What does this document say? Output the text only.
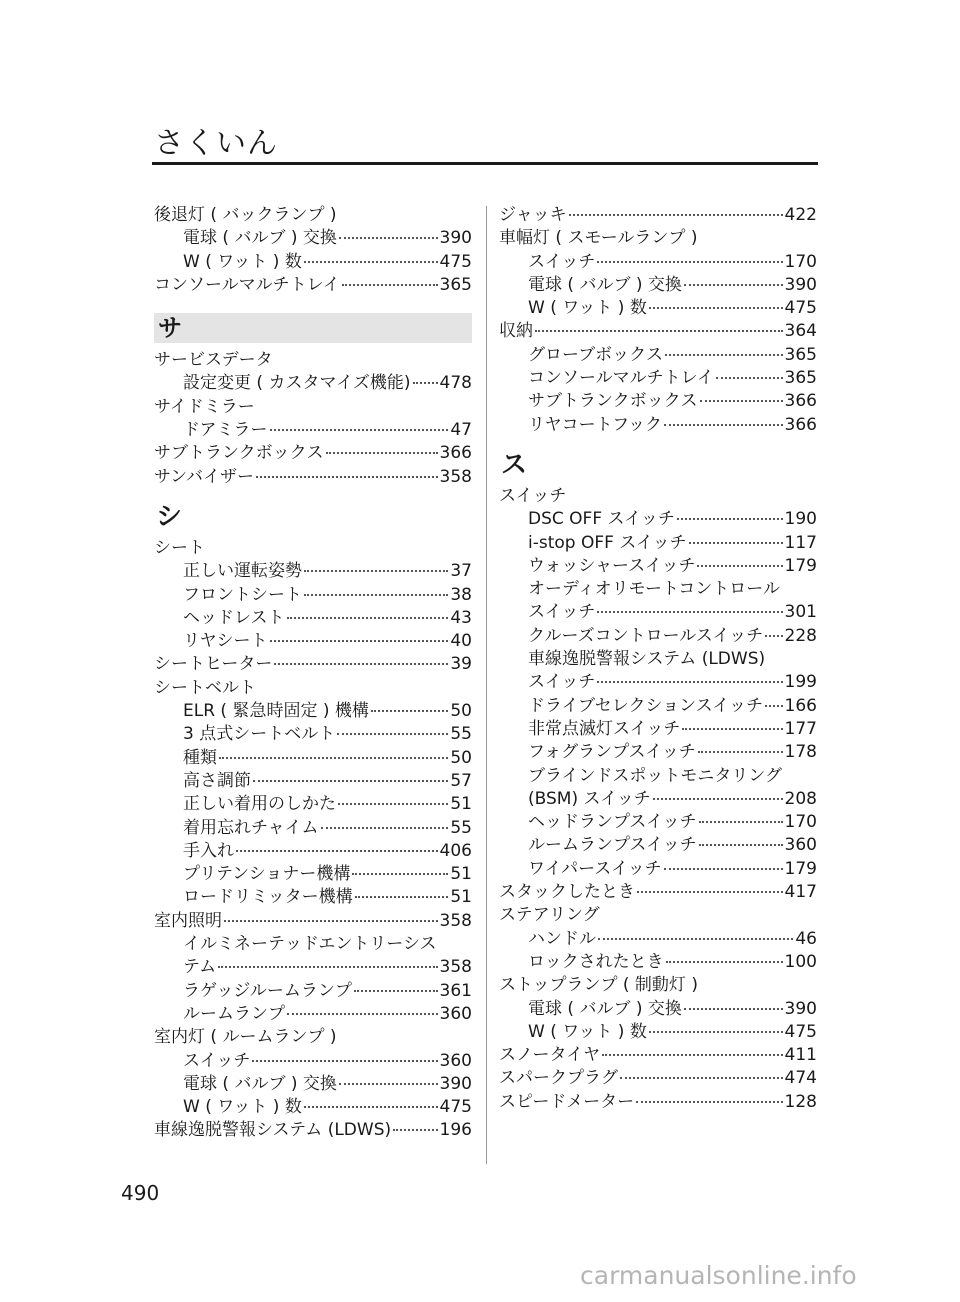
さくいん
後退灯 ( バックランプ )
電球 ( バルブ ) 交換	390
W ( ワット ) 数	475
コンソールマルチトレイ	365
サ
サービスデータ
設定変更 ( カスタマイズ機能) 478
サイドミラー
ドアミラー	47
サブトランクボックス	366
サンバイザー	358
シ
シート
正しい運転姿勢	37
フロントシート	38
ヘッドレスト	43
リヤシート	40
シートヒーター	39
シートベルト
ELR ( 緊急時固定 ) 機構	50
3 点式シートベルト	55
種類	50
高さ調節	57
正しい着用のしかた	51
着用忘れチャイム	55
手入れ	406
プリテンショナー機構	51
ロードリミッター機構	51
室内照明	358
イルミネーテッドエントリーシス
テム	358
ラゲッジルームランプ	361
ルームランプ	360
室内灯 ( ルームランプ )
スイッチ	360
電球 ( バルブ ) 交換	390
W ( ワット ) 数	475
車線逸脱警報システム (LDWS)	196
ジャッキ	422
車幅灯 ( スモールランプ )
スイッチ	170
電球 ( バルブ ) 交換	390
W ( ワット ) 数	475
収納	364
グローブボックス	365
コンソールマルチトレイ	365
サブトランクボックス	366
リヤコートフック	366
ス
スイッチ
DSC OFF スイッチ	190
i-stop OFF スイッチ	117
ウォッシャースイッチ	179
オーディオリモートコントロール
スイッチ	301
クルーズコントロールスイッチ 228
車線逸脱警報システム (LDWS)
スイッチ	199
ドライブセレクションスイッチ 166
非常点滅灯スイッチ	177
フォグランプスイッチ	178
ブラインドスポットモニタリング
(BSM) スイッチ	208
ヘッドランプスイッチ	170
ルームランプスイッチ	360
ワイパースイッチ	179
スタックしたとき	417
ステアリング
ハンドル	46
ロックされたとき	100
ストップランプ ( 制動灯 )
電球 ( バルブ ) 交換	390
W ( ワット ) 数	475
スノータイヤ	411
スパークプラグ	474
スピードメーター	128
490
carmanualsonline.info
